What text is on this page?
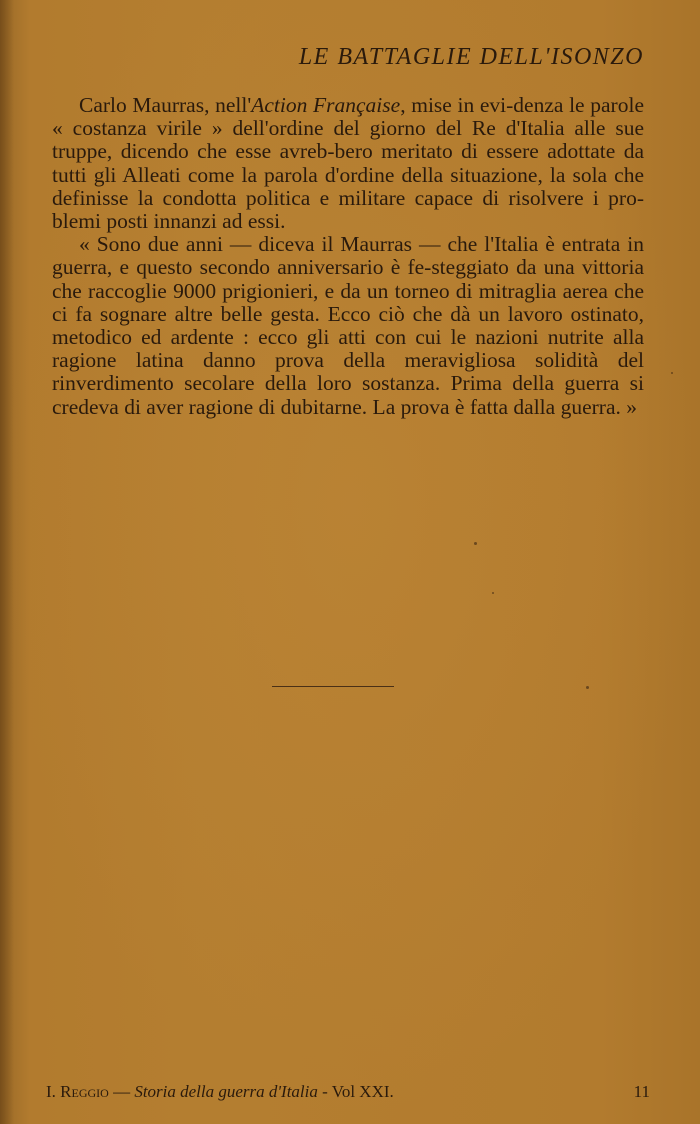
LE BATTAGLIE DELL'ISONZO

Carlo Maurras, nell'Action Française, mise in evi-denza le parole « costanza virile » dell'ordine del giorno del Re d'Italia alle sue truppe, dicendo che esse avreb-bero meritato di essere adottate da tutti gli Alleati come la parola d'ordine della situazione, la sola che definisse la condotta politica e militare capace di risolvere i pro-blemi posti innanzi ad essi.

« Sono due anni — diceva il Maurras — che l'Italia è entrata in guerra, e questo secondo anniversario è fe-steggiato da una vittoria che raccoglie 9000 prigionieri, e da un torneo di mitraglia aerea che ci fa sognare altre belle gesta. Ecco ciò che dà un lavoro ostinato, metodico ed ardente : ecco gli atti con cui le nazioni nutrite alla ragione latina danno prova della meravigliosa solidità del rinverdimento secolare della loro sostanza. Prima della guerra si credeva di aver ragione di dubitarne. La prova è fatta dalla guerra. »

I. Reggio — Storia della guerra d'Italia - Vol XXI.	11
